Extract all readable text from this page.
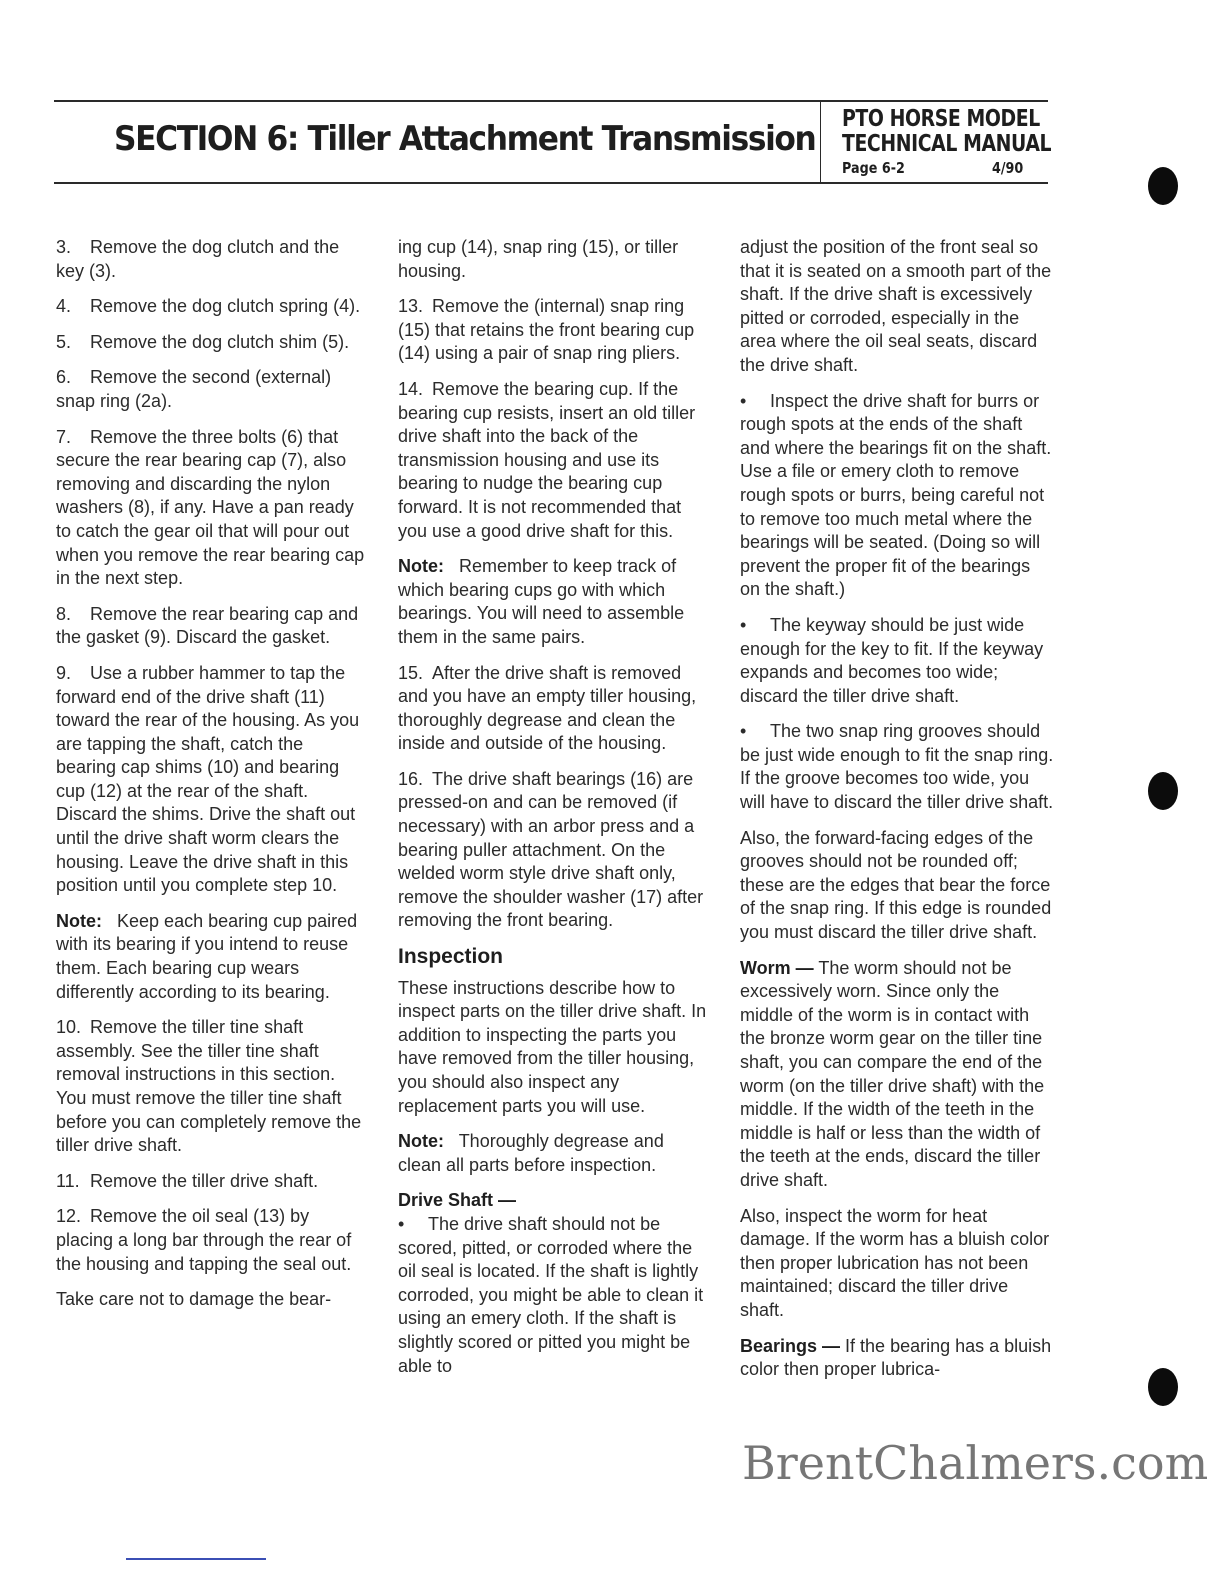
SECTION 6: Tiller Attachment Transmission PTO HORSE MODEL
TECHNICAL MANUAL
Page 6-2	4/90

3. Remove the dog clutch and the key (3).

4. Remove the dog clutch spring (4).

5. Remove the dog clutch shim (5).

6. Remove the second (external) snap ring (2a).

7. Remove the three bolts (6) that secure the rear bearing cap (7), also removing and discarding the nylon washers (8), if any. Have a pan ready to catch the gear oil that will pour out when you remove the rear bearing cap in the next step.

8. Remove the rear bearing cap and the gasket (9). Discard the gasket.

9. Use a rubber hammer to tap the forward end of the drive shaft (11) toward the rear of the housing. As you are tapping the shaft, catch the bearing cap shims (10) and bearing cup (12) at the rear of the shaft. Discard the shims. Drive the shaft out until the drive shaft worm clears the housing. Leave the drive shaft in this position until you complete step 10.

Note: Keep each bearing cup paired with its bearing if you intend to reuse them. Each bearing cup wears differently according to its bearing.

10. Remove the tiller tine shaft assembly. See the tiller tine shaft removal instructions in this section. You must remove the tiller tine shaft before you can completely remove the tiller drive shaft.

11. Remove the tiller drive shaft.

12. Remove the oil seal (13) by placing a long bar through the rear of the housing and tapping the seal out.

Take care not to damage the bear-

ing cup (14), snap ring (15), or tiller housing.

13. Remove the (internal) snap ring (15) that retains the front bearing cup (14) using a pair of snap ring pliers.

14. Remove the bearing cup. If the bearing cup resists, insert an old tiller drive shaft into the back of the transmission housing and use its bearing to nudge the bearing cup forward. It is not recommended that you use a good drive shaft for this.

Note: Remember to keep track of which bearing cups go with which bearings. You will need to assemble them in the same pairs.

15. After the drive shaft is removed and you have an empty tiller housing, thoroughly degrease and clean the inside and outside of the housing.

16. The drive shaft bearings (16) are pressed-on and can be removed (if necessary) with an arbor press and a bearing puller attachment. On the welded worm style drive shaft only, remove the shoulder washer (17) after removing the front bearing.

Inspection

These instructions describe how to inspect parts on the tiller drive shaft. In addition to inspecting the parts you have removed from the tiller housing, you should also inspect any replacement parts you will use.

Note: Thoroughly degrease and clean all parts before inspection.

Drive Shaft —

• The drive shaft should not be scored, pitted, or corroded where the oil seal is located. If the shaft is lightly corroded, you might be able to clean it using an emery cloth. If the shaft is slightly scored or pitted you might be able to

adjust the position of the front seal so that it is seated on a smooth part of the shaft. If the drive shaft is excessively pitted or corroded, especially in the area where the oil seal seats, discard the drive shaft.

• Inspect the drive shaft for burrs or rough spots at the ends of the shaft and where the bearings fit on the shaft. Use a file or emery cloth to remove rough spots or burrs, being careful not to remove too much metal where the bearings will be seated. (Doing so will prevent the proper fit of the bearings on the shaft.)

• The keyway should be just wide enough for the key to fit. If the keyway expands and becomes too wide; discard the tiller drive shaft.

• The two snap ring grooves should be just wide enough to fit the snap ring. If the groove becomes too wide, you will have to discard the tiller drive shaft.

Also, the forward-facing edges of the grooves should not be rounded off; these are the edges that bear the force of the snap ring. If this edge is rounded you must discard the tiller drive shaft.

Worm — The worm should not be excessively worn. Since only the middle of the worm is in contact with the bronze worm gear on the tiller tine shaft, you can compare the end of the worm (on the tiller drive shaft) with the middle. If the width of the teeth in the middle is half or less than the width of the teeth at the ends, discard the tiller drive shaft.

Also, inspect the worm for heat damage. If the worm has a bluish color then proper lubrication has not been maintained; discard the tiller drive shaft.

Bearings — If the bearing has a bluish color then proper lubrica-

BrentChalmers.com
